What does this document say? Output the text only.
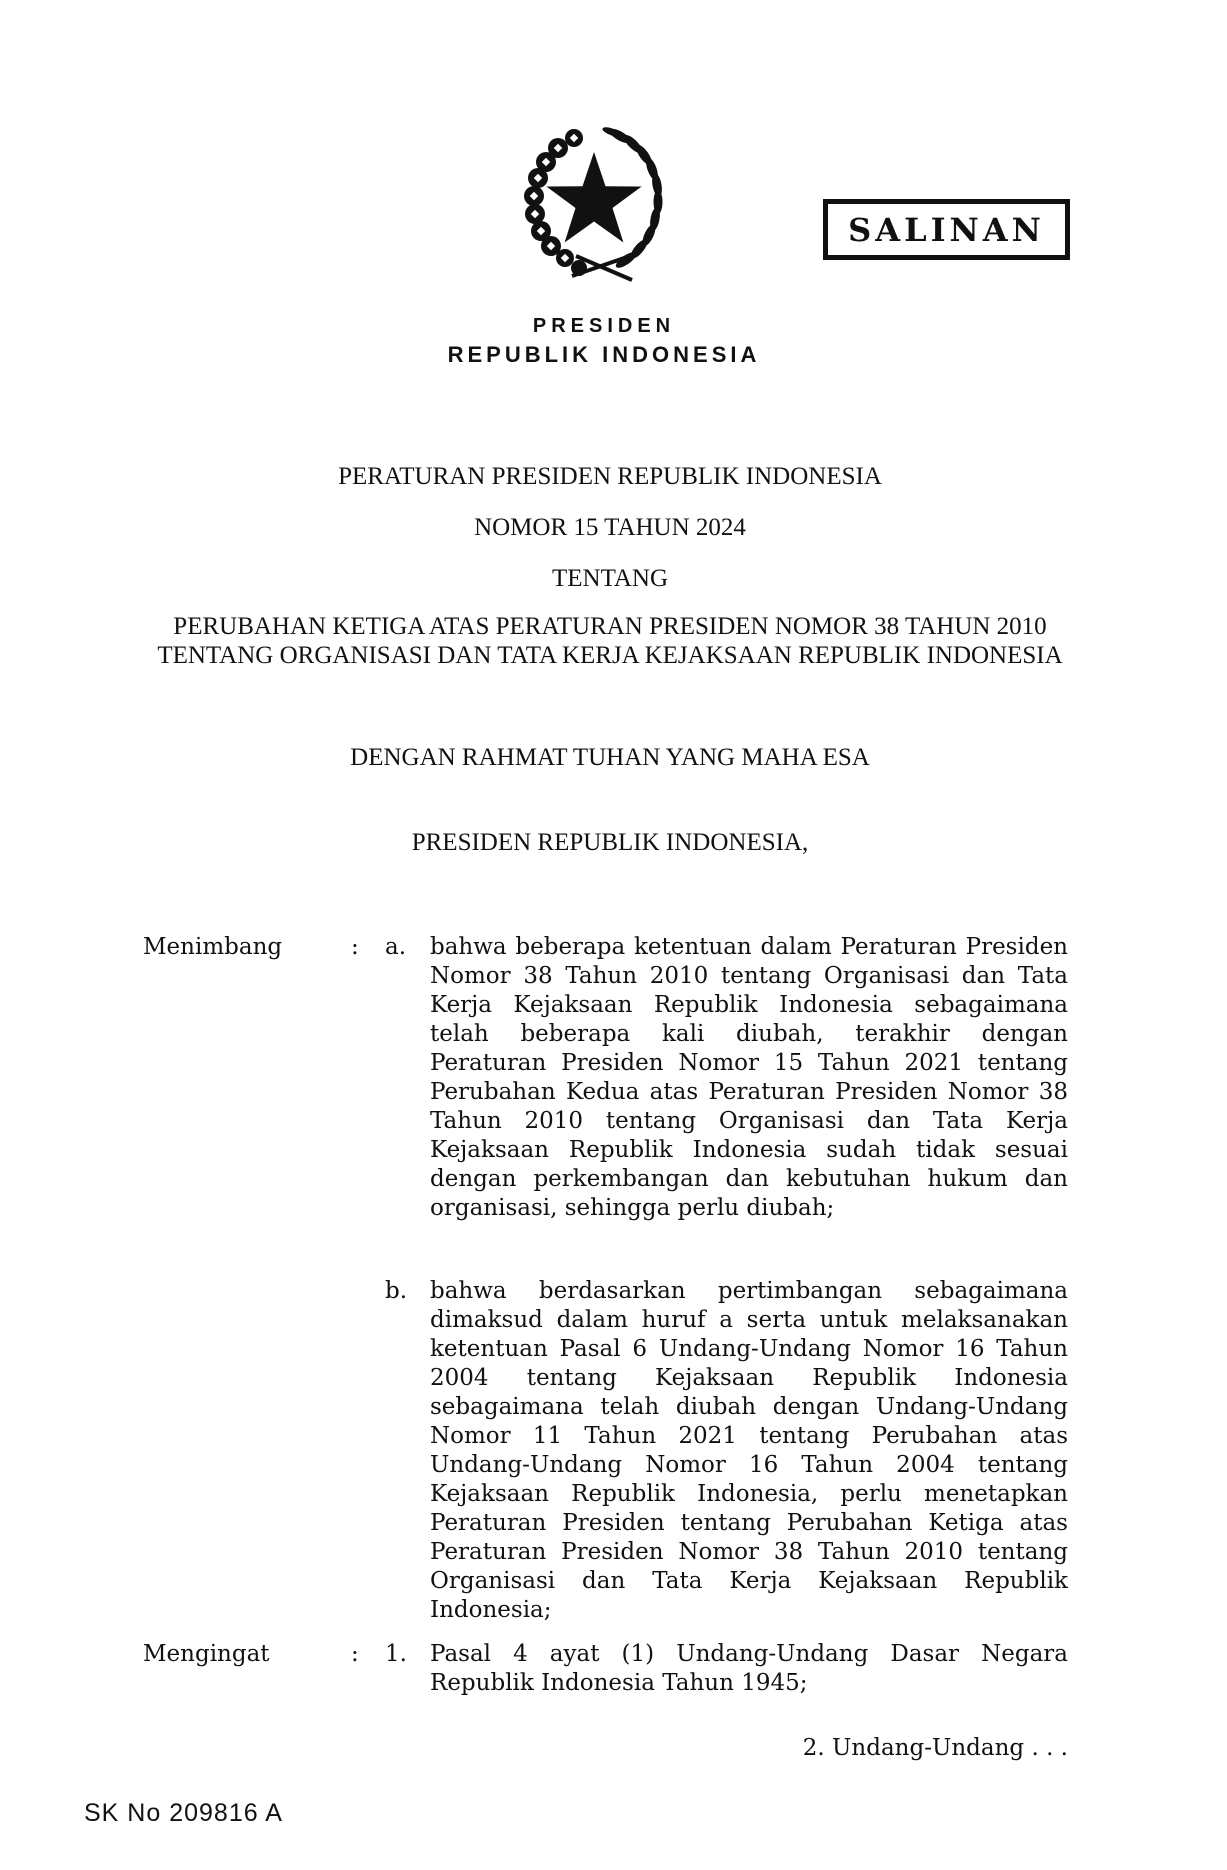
SALINAN
PRESIDEN
REPUBLIK INDONESIA
PERATURAN PRESIDEN REPUBLIK INDONESIA
NOMOR 15 TAHUN 2024
TENTANG
PERUBAHAN KETIGA ATAS PERATURAN PRESIDEN NOMOR 38 TAHUN 2010
TENTANG ORGANISASI DAN TATA KERJA KEJAKSAAN REPUBLIK INDONESIA
DENGAN RAHMAT TUHAN YANG MAHA ESA
PRESIDEN REPUBLIK INDONESIA,
Menimbang	: a.	bahwa beberapa ketentuan dalam Peraturan Presiden Nomor 38 Tahun 2010 tentang Organisasi dan Tata Kerja Kejaksaan Republik Indonesia sebagaimana telah beberapa kali diubah, terakhir dengan Peraturan Presiden Nomor 15 Tahun 2021 tentang Perubahan Kedua atas Peraturan Presiden Nomor 38 Tahun 2010 tentang Organisasi dan Tata Kerja Kejaksaan Republik Indonesia sudah tidak sesuai dengan perkembangan dan kebutuhan hukum dan organisasi, sehingga perlu diubah;
b. bahwa berdasarkan pertimbangan sebagaimana dimaksud dalam huruf a serta untuk melaksanakan ketentuan Pasal 6 Undang-Undang Nomor 16 Tahun 2004 tentang Kejaksaan Republik Indonesia sebagaimana telah diubah dengan Undang-Undang Nomor 11 Tahun 2021 tentang Perubahan atas Undang-Undang Nomor 16 Tahun 2004 tentang Kejaksaan Republik Indonesia, perlu menetapkan Peraturan Presiden tentang Perubahan Ketiga atas Peraturan Presiden Nomor 38 Tahun 2010 tentang Organisasi dan Tata Kerja Kejaksaan Republik Indonesia;
Mengingat	: 1.	Pasal 4 ayat (1) Undang-Undang Dasar Negara Republik Indonesia Tahun 1945;
2. Undang-Undang . . .
SK No 209816 A
